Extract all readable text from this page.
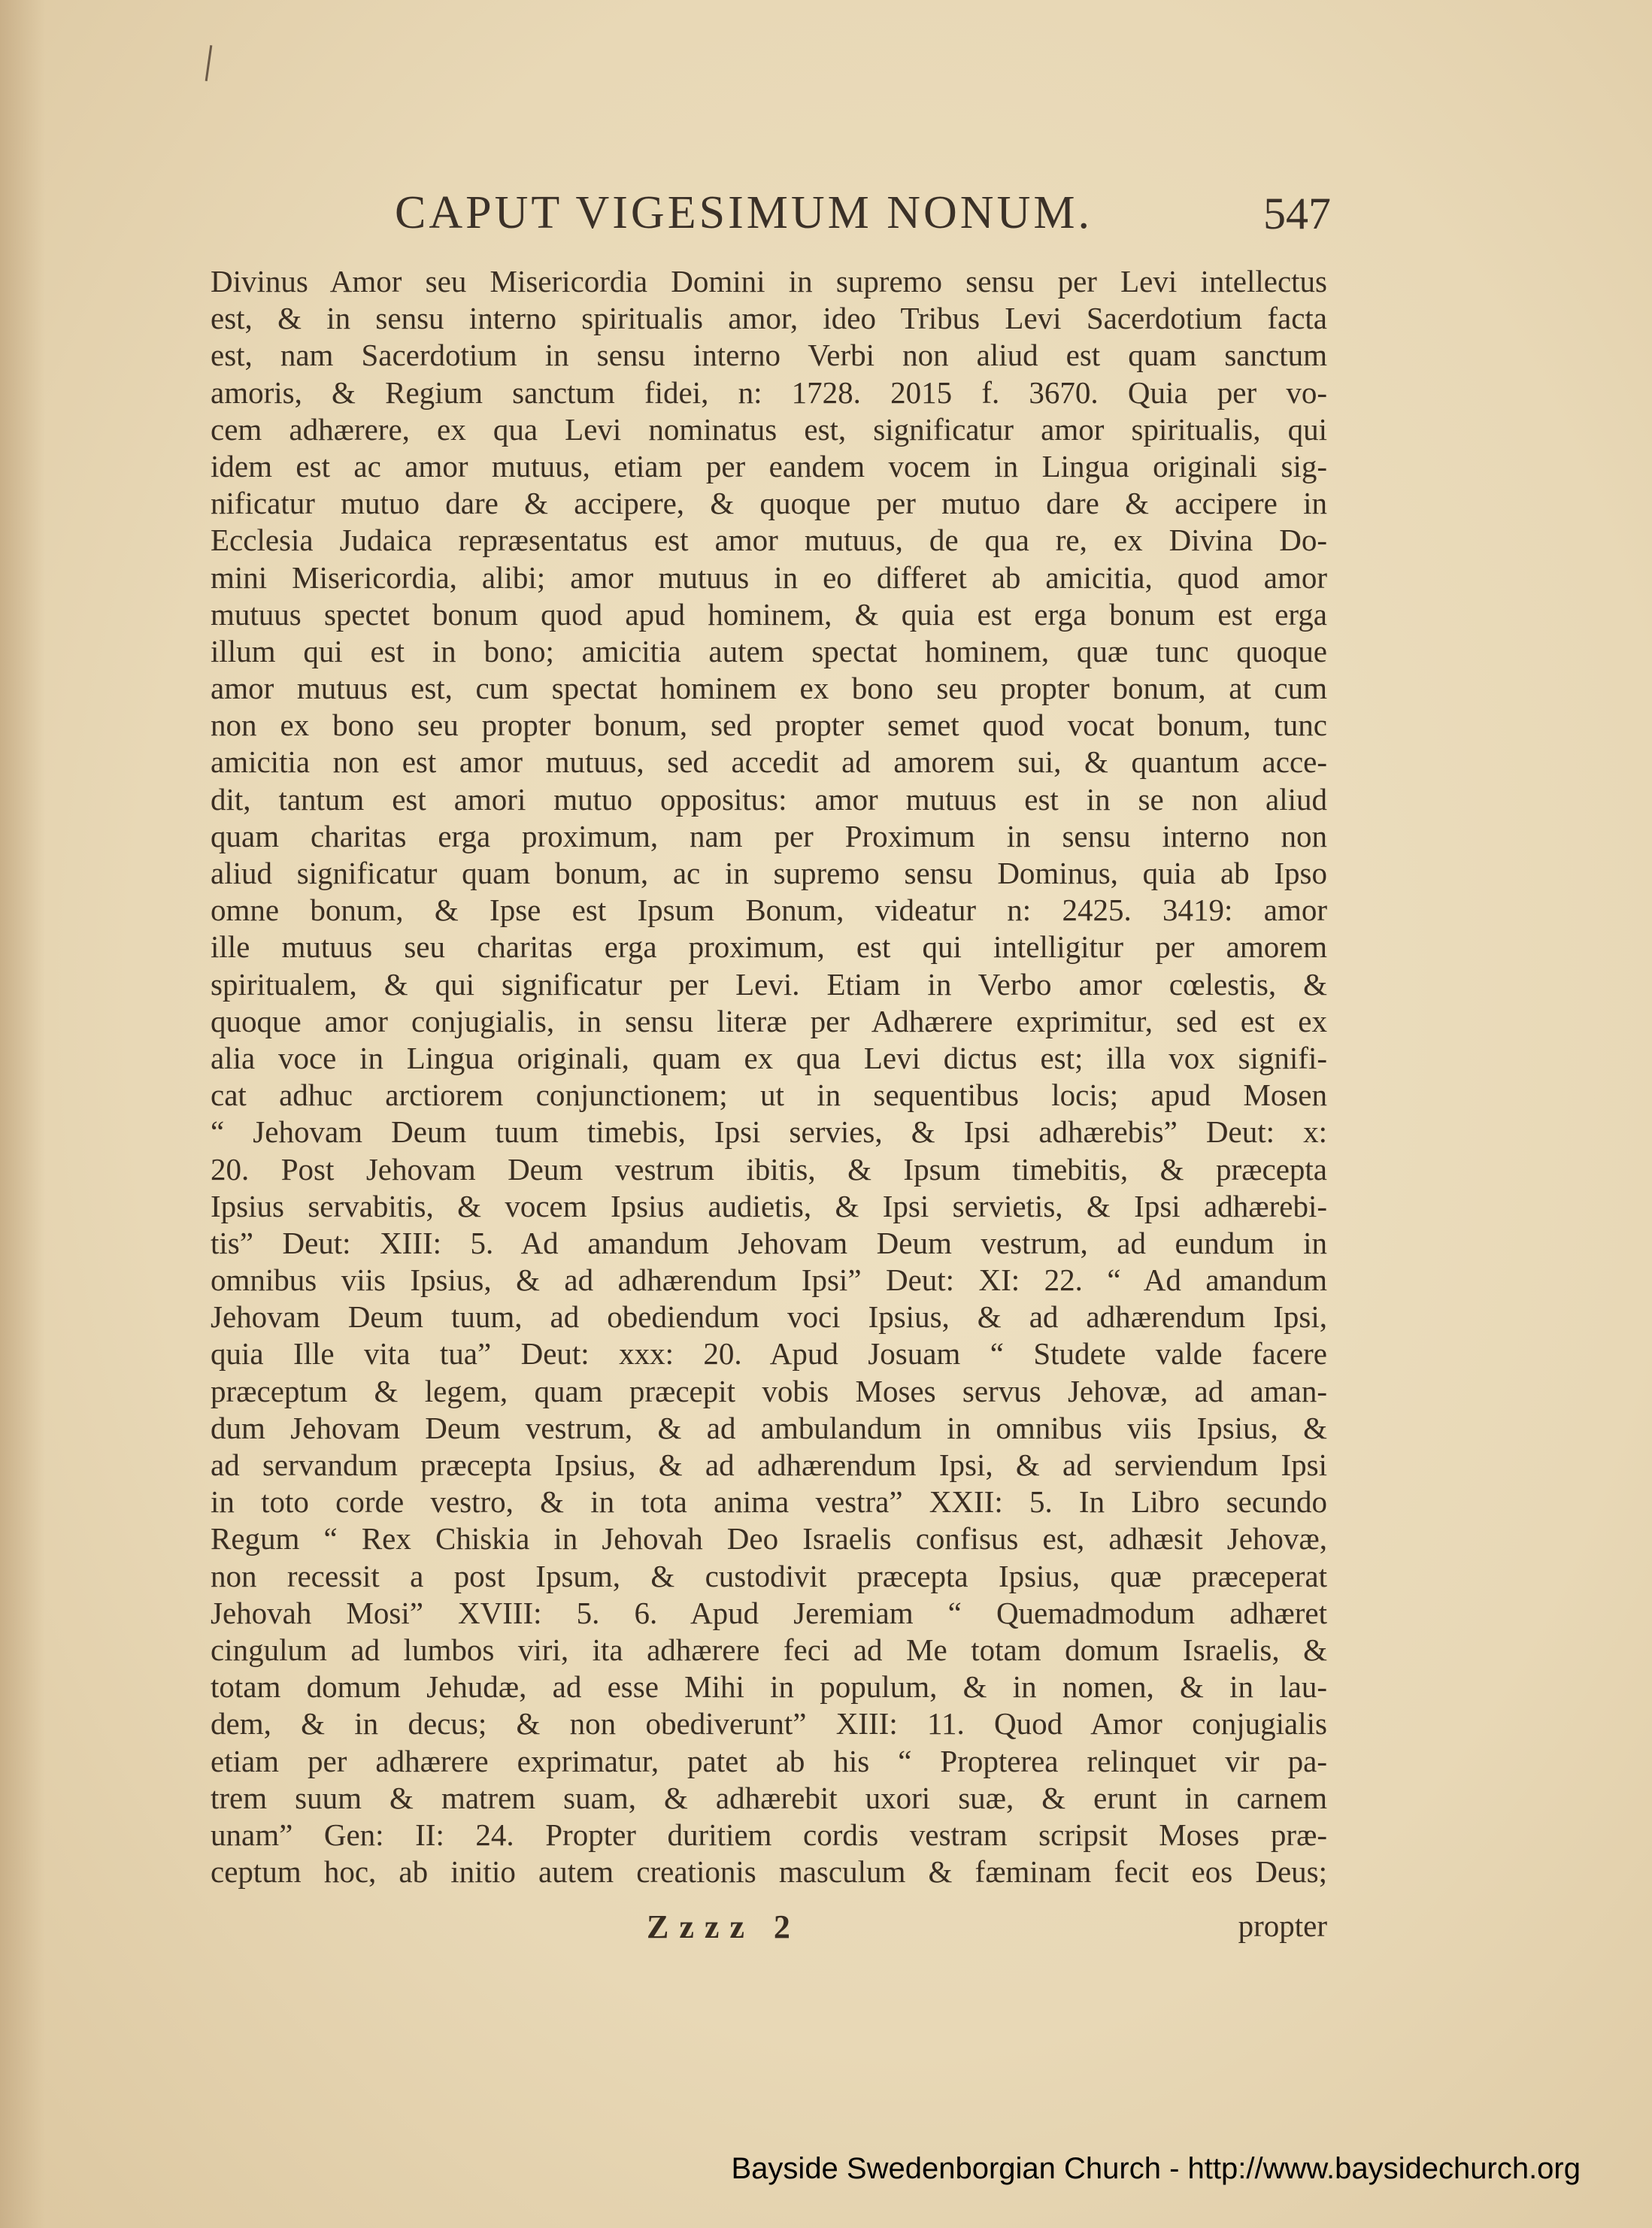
CAPUT VIGESIMUM NONUM.	547
Divinus Amor seu Misericordia Domini in supremo sensu per Levi intellectus
est, & in sensu interno spiritualis amor, ideo Tribus Levi Sacerdotium facta
est, nam Sacerdotium in sensu interno Verbi non aliud est quam sanctum
amoris, & Regium sanctum fidei, n: 1728. 2015 f. 3670. Quia per vo-
cem adhærere, ex qua Levi nominatus est, significatur amor spiritualis, qui
idem est ac amor mutuus, etiam per eandem vocem in Lingua originali sig-
nificatur mutuo dare & accipere, & quoque per mutuo dare & accipere in
Ecclesia Judaica repræsentatus est amor mutuus, de qua re, ex Divina Do-
mini Misericordia, alibi; amor mutuus in eo differet ab amicitia, quod amor
mutuus spectet bonum quod apud hominem, & quia est erga bonum est erga
illum qui est in bono; amicitia autem spectat hominem, quæ tunc quoque
amor mutuus est, cum spectat hominem ex bono seu propter bonum, at cum
non ex bono seu propter bonum, sed propter semet quod vocat bonum, tunc
amicitia non est amor mutuus, sed accedit ad amorem sui, & quantum acce-
dit, tantum est amori mutuo oppositus: amor mutuus est in se non aliud
quam charitas erga proximum, nam per Proximum in sensu interno non
aliud significatur quam bonum, ac in supremo sensu Dominus, quia ab Ipso
omne bonum, & Ipse est Ipsum Bonum, videatur n: 2425. 3419: amor
ille mutuus seu charitas erga proximum, est qui intelligitur per amorem
spiritualem, & qui significatur per Levi. Etiam in Verbo amor cœlestis, &
quoque amor conjugialis, in sensu literæ per Adhærere exprimitur, sed est ex
alia voce in Lingua originali, quam ex qua Levi dictus est; illa vox signifi-
cat adhuc arctiorem conjunctionem; ut in sequentibus locis; apud Mosen
“ Jehovam Deum tuum timebis, Ipsi servies, & Ipsi adhærebis” Deut: x:
20. Post Jehovam Deum vestrum ibitis, & Ipsum timebitis, & præcepta
Ipsius servabitis, & vocem Ipsius audietis, & Ipsi servietis, & Ipsi adhærebi-
tis” Deut: XIII: 5. Ad amandum Jehovam Deum vestrum, ad eundum in
omnibus viis Ipsius, & ad adhærendum Ipsi” Deut: XI: 22. “ Ad amandum
Jehovam Deum tuum, ad obediendum voci Ipsius, & ad adhærendum Ipsi,
quia Ille vita tua” Deut: xxx: 20. Apud Josuam “ Studete valde facere
præceptum & legem, quam præcepit vobis Moses servus Jehovæ, ad aman-
dum Jehovam Deum vestrum, & ad ambulandum in omnibus viis Ipsius, &
ad servandum præcepta Ipsius, & ad adhærendum Ipsi, & ad serviendum Ipsi
in toto corde vestro, & in tota anima vestra” XXII: 5. In Libro secundo
Regum “ Rex Chiskia in Jehovah Deo Israelis confisus est, adhæsit Jehovæ,
non recessit a post Ipsum, & custodivit præcepta Ipsius, quæ præceperat
Jehovah Mosi” XVIII: 5. 6. Apud Jeremiam “ Quemadmodum adhæret
cingulum ad lumbos viri, ita adhærere feci ad Me totam domum Israelis, &
totam domum Jehudæ, ad esse Mihi in populum, & in nomen, & in lau-
dem, & in decus; & non obediverunt” XIII: 11. Quod Amor conjugialis
etiam per adhærere exprimatur, patet ab his “ Propterea relinquet vir pa-
trem suum & matrem suam, & adhærebit uxori suæ, & erunt in carnem
unam” Gen: II: 24. Propter duritiem cordis vestram scripsit Moses præ-
ceptum hoc, ab initio autem creationis masculum & fæminam fecit eos Deus;
Zzzz 2	propter
Bayside Swedenborgian Church - http://www.baysidechurch.org
